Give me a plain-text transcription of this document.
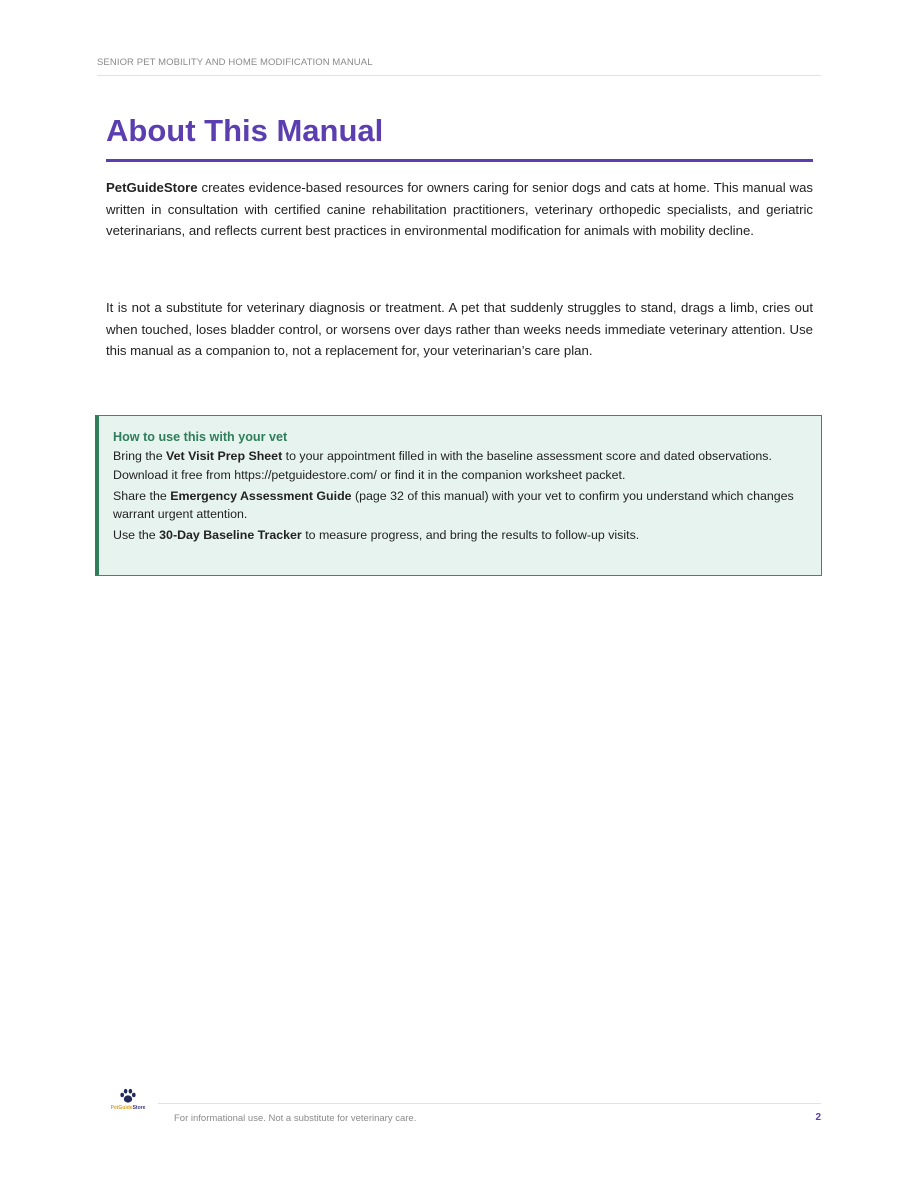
SENIOR PET MOBILITY AND HOME MODIFICATION MANUAL
About This Manual

PetGuideStore creates evidence-based resources for owners caring for senior dogs and cats at home. This manual was written in consultation with certified canine rehabilitation practitioners, veterinary orthopedic specialists, and geriatric veterinarians, and reflects current best practices in environmental modification for animals with mobility decline.

It is not a substitute for veterinary diagnosis or treatment. A pet that suddenly struggles to stand, drags a limb, cries out when touched, loses bladder control, or worsens over days rather than weeks needs immediate veterinary attention. Use this manual as a companion to, not a replacement for, your veterinarian’s care plan.

How to use this with your vet

Bring the Vet Visit Prep Sheet to your appointment filled in with the baseline assessment score and dated observations. Download it free from https://petguidestore.com/ or find it in the companion worksheet packet.

Share the Emergency Assessment Guide (page 32 of this manual) with your vet to confirm you understand which changes warrant urgent attention.

Use the 30-Day Baseline Tracker to measure progress, and bring the results to follow-up visits.

PetGuideStore
For informational use. Not a substitute for veterinary care.	2
